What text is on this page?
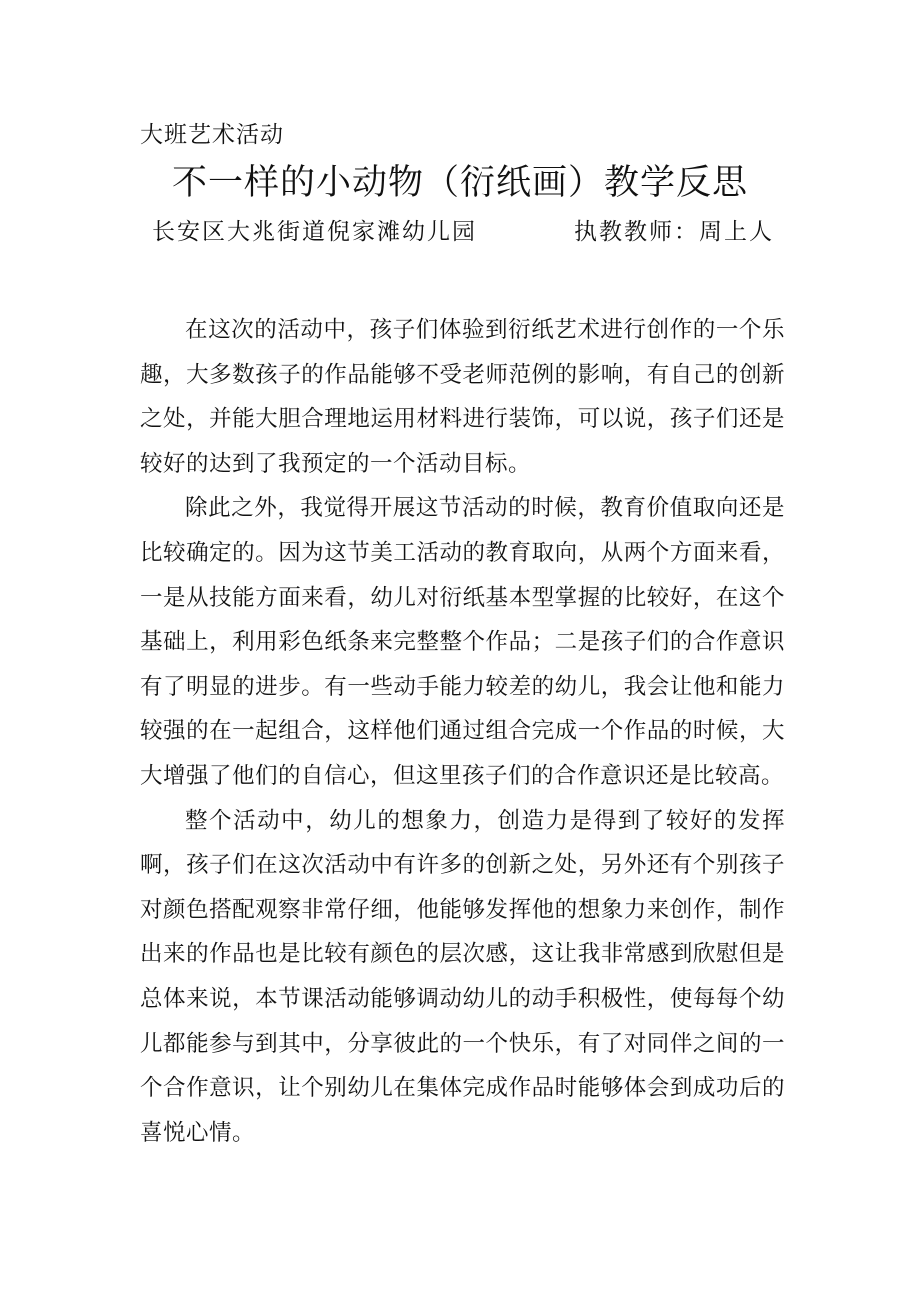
大班艺术活动
不一样的小动物（衍纸画）教学反思
长安区大兆街道倪家滩幼儿园	执教教师：周上人

在这次的活动中，孩子们体验到衍纸艺术进行创作的一个乐趣，大多数孩子的作品能够不受老师范例的影响，有自己的创新之处，并能大胆合理地运用材料进行装饰，可以说，孩子们还是较好的达到了我预定的一个活动目标。

除此之外，我觉得开展这节活动的时候，教育价值取向还是比较确定的。因为这节美工活动的教育取向，从两个方面来看，一是从技能方面来看，幼儿对衍纸基本型掌握的比较好，在这个基础上，利用彩色纸条来完整整个作品；二是孩子们的合作意识有了明显的进步。有一些动手能力较差的幼儿，我会让他和能力较强的在一起组合，这样他们通过组合完成一个作品的时候，大大增强了他们的自信心，但这里孩子们的合作意识还是比较高。

整个活动中，幼儿的想象力，创造力是得到了较好的发挥啊，孩子们在这次活动中有许多的创新之处，另外还有个别孩子对颜色搭配观察非常仔细，他能够发挥他的想象力来创作，制作出来的作品也是比较有颜色的层次感，这让我非常感到欣慰但是总体来说，本节课活动能够调动幼儿的动手积极性，使每每个幼儿都能参与到其中，分享彼此的一个快乐，有了对同伴之间的一个合作意识，让个别幼儿在集体完成作品时能够体会到成功后的喜悦心情。
